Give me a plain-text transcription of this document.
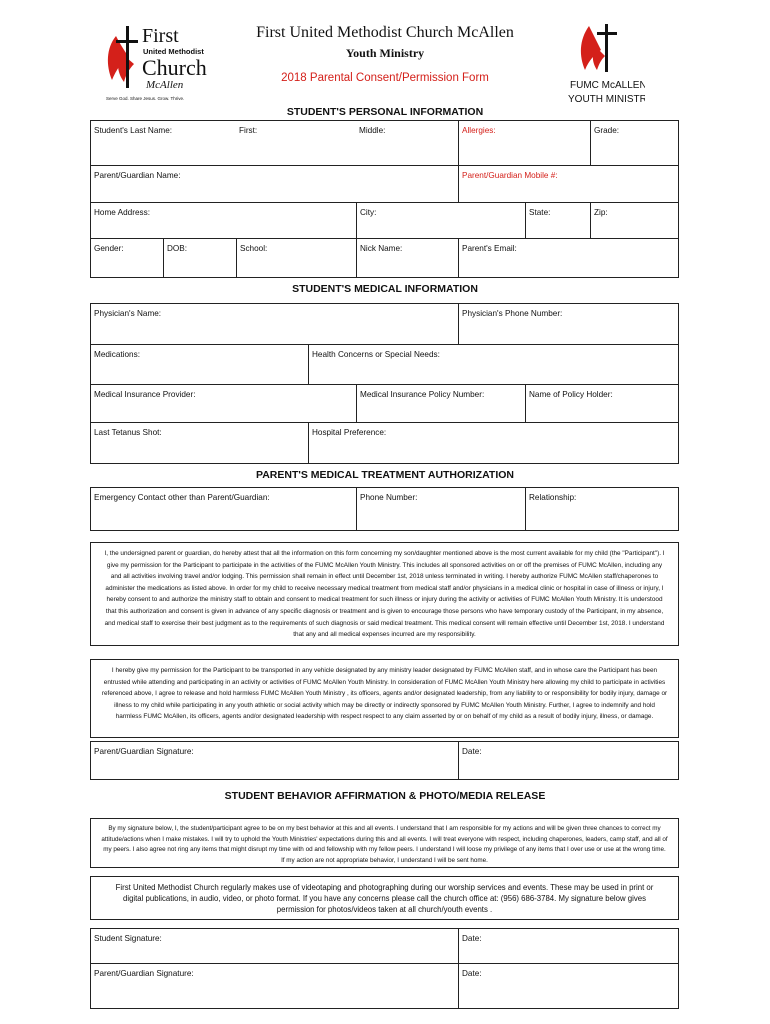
First
United Methodist
Church
McAllen
Serve God. Share Jesus. Grow. Thrive.
FUMC McALLEN
YOUTH MINISTRY
First United Methodist Church McAllen
Youth Ministry
2018 Parental Consent/Permission Form
STUDENT'S PERSONAL INFORMATION
Student's Last Name:	First:	Middle:	Allergies:	Grade:
Parent/Guardian Name:	Parent/Guardian Mobile #:
Home Address:	City:	State:	Zip:
Gender:	DOB:	School:	Nick Name:	Parent's Email:
STUDENT'S MEDICAL INFORMATION
Physician's Name:	Physician's Phone Number:
Medications:	Health Concerns or Special Needs:
Medical Insurance Provider:	Medical Insurance Policy Number:	Name of Policy Holder:
Last Tetanus Shot:	Hospital Preference:
PARENT'S MEDICAL TREATMENT AUTHORIZATION
Emergency Contact other than Parent/Guardian:	Phone Number:	Relationship:
I, the undersigned parent or guardian, do hereby attest that all the information on this form concerning my son/daughter mentioned above is the most current available for my child (the "Participant"). I give my permission for the Participant to participate in the activities of the FUMC McAllen Youth Ministry. This includes all sponsored activities on or off the premises of FUMC McAllen, including any and all activities involving travel and/or lodging. This permission shall remain in effect until December 1st, 2018 unless terminated in writing. I hereby authorize FUMC McAllen staff/chaperones to administer the medications as listed above. In order for my child to receive necessary medical treatment from medical staff and/or physicians in a medical clinic or hospital in case of illness or injury, I hereby consent to and authorize the ministry staff to obtain and consent to medical treatment for such illness or injury during the activity or activities of FUMC McAllen Youth Ministry. It is understood that this authorization and consent is given in advance of any specific diagnosis or treatment and is given to encourage those persons who have temporary custody of the Participant, in my absence, and medical staff to exercise their best judgment as to the requirements of such diagnosis or said medical treatment. This medical consent will remain effective until December 1st, 2018. I understand that any and all medical expenses incurred are my responsibility.
I hereby give my permission for the Participant to be transported in any vehicle designated by any ministry leader designated by FUMC McAllen staff, and in whose care the Participant has been entrusted while attending and participating in an activity or activities of FUMC McAllen Youth Ministry. In consideration of FUMC McAllen Youth Ministry here allowing my child to participate in activities referenced above, I agree to release and hold harmless FUMC McAllen Youth Ministry , its officers, agents and/or designated leadership, from any liability to or responsibility for bodily injury, damage or illness to my child while participating in any youth athletic or social activity which may be directly or indirectly sponsored by FUMC McAllen Youth Ministry. Further, I agree to indemnify and hold harmless FUMC McAllen, its officers, agents and/or designated leadership with respect respect to any claim asserted by or on behalf of my child as a result of bodily injury, illness, or damage.
Parent/Guardian Signature:	Date:
STUDENT BEHAVIOR AFFIRMATION & PHOTO/MEDIA RELEASE
By my signature below, I, the student/participant agree to be on my best behavior at this and all events. I understand that I am responsible for my actions and will be given three chances to correct my attitude/actions when I make mistakes. I will try to uphold the Youth Ministries' expectations during this and all events. I will treat everyone with respect, including chaperones, leaders, camp staff, and all of my peers. I also agree not ring any items that might disrupt my time with od and fellowship with my fellow peers. I understand I will loose my privilege of any items that I over use or use at the wrong time. If my action are not appropriate behavior, I understand I will be sent home.
First United Methodist Church regularly makes use of videotaping and photographing during our worship services and events. These may be used in print or digital publications, in audio, video, or photo format. If you have any concerns please call the church office at: (956) 686-3784. My signature below gives permission for photos/videos taken at all church/youth events .
Student Signature:	Date:
Parent/Guardian Signature:	Date:
